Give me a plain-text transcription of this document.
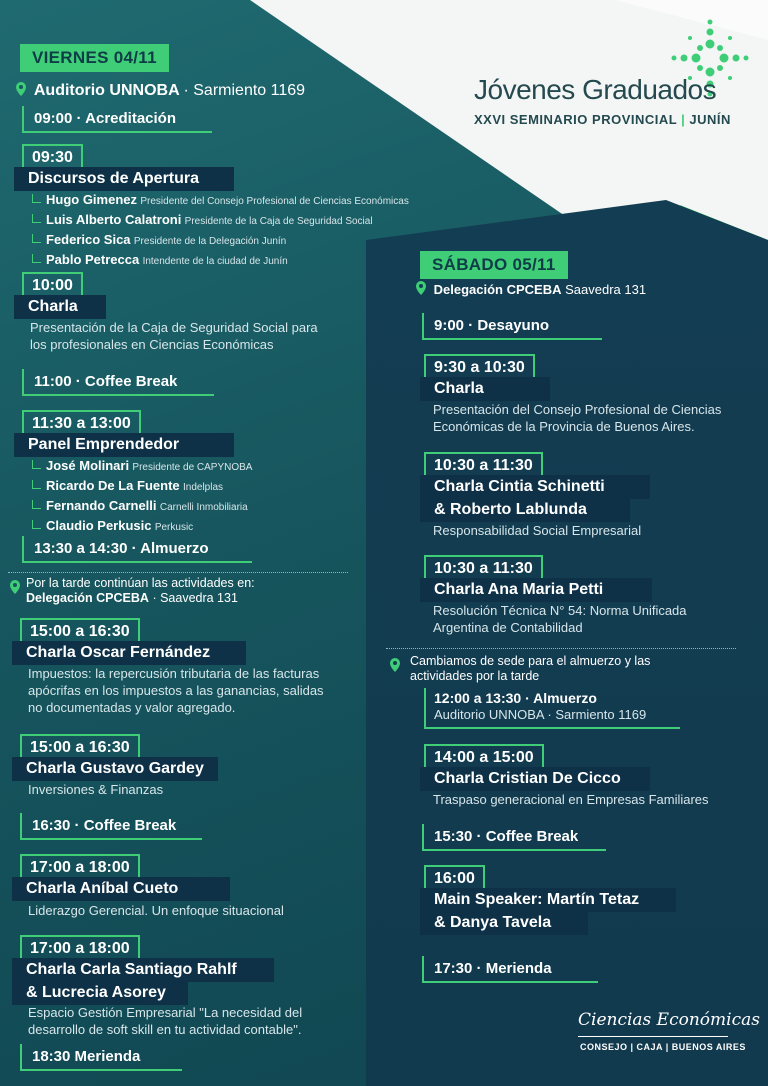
Jóvenes Graduados
XXVI SEMINARIO PROVINCIAL | JUNÍN
VIERNES 04/11
Auditorio UNNOBA · Sarmiento 1169
09:00 · Acreditación
09:30
Discursos de Apertura
Hugo Gimenez Presidente del Consejo Profesional de Ciencias Económicas
Luis Alberto Calatroni Presidente de la Caja de Seguridad Social
Federico Sica Presidente de la Delegación Junín
Pablo Petrecca Intendente de la ciudad de Junín
10:00
Charla
Presentación de la Caja de Seguridad Social para
los profesionales en Ciencias Económicas
11:00 · Coffee Break
11:30 a 13:00
Panel Emprendedor
José Molinari Presidente de CAPYNOBA
Ricardo De La Fuente Indelplas
Fernando Carnelli Carnelli Inmobiliaria
Claudio Perkusic Perkusic
13:30 a 14:30 · Almuerzo
Por la tarde continúan las actividades en:
Delegación CPCEBA · Saavedra 131
15:00 a 16:30
Charla Oscar Fernández
Impuestos: la repercusión tributaria de las facturas
apócrifas en los impuestos a las ganancias, salidas
no documentadas y valor agregado.
15:00 a 16:30
Charla Gustavo Gardey
Inversiones & Finanzas
16:30 · Coffee Break
17:00 a 18:00
Charla Aníbal Cueto
Liderazgo Gerencial. Un enfoque situacional
17:00 a 18:00
Charla Carla Santiago Rahlf
& Lucrecia Asorey
Espacio Gestión Empresarial "La necesidad del
desarrollo de soft skill en tu actividad contable".
18:30 Merienda
SÁBADO 05/11
Delegación CPCEBA Saavedra 131
9:00 · Desayuno
9:30 a 10:30
Charla
Presentación del Consejo Profesional de Ciencias
Económicas de la Provincia de Buenos Aires.
10:30 a 11:30
Charla Cintia Schinetti
& Roberto Lablunda
Responsabilidad Social Empresarial
10:30 a 11:30
Charla Ana Maria Petti
Resolución Técnica N° 54: Norma Unificada
Argentina de Contabilidad
Cambiamos de sede para el almuerzo y las
actividades por la tarde
12:00 a 13:30 · Almuerzo
Auditorio UNNOBA · Sarmiento 1169
14:00 a 15:00
Charla Cristian De Cicco
Traspaso generacional en Empresas Familiares
15:30 · Coffee Break
16:00
Main Speaker: Martín Tetaz
& Danya Tavela
17:30 · Merienda
Ciencias Económicas
CONSEJO | CAJA | BUENOS AIRES
